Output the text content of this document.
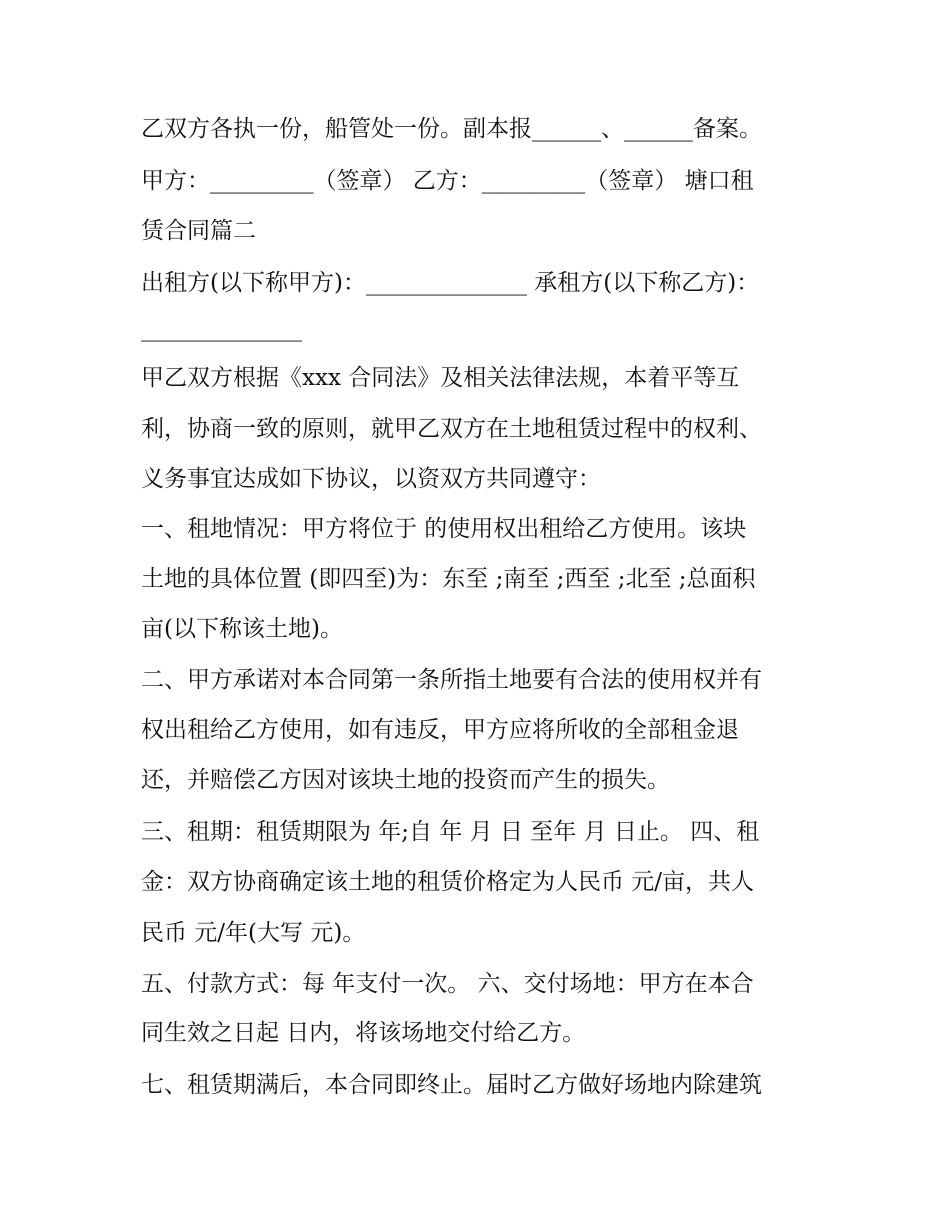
乙双方各执一份，船管处一份。副本报______、______备案。
甲方：_________（签章） 乙方：_________（签章） 塘口租
赁合同篇二
出租方(以下称甲方)：______________ 承租方(以下称乙方)：
______________
甲乙双方根据《xxx 合同法》及相关法律法规，本着平等互
利，协商一致的原则，就甲乙双方在土地租赁过程中的权利、
义务事宜达成如下协议，以资双方共同遵守：
一、租地情况：甲方将位于 的使用权出租给乙方使用。该块
土地的具体位置 (即四至)为：东至 ;南至 ;西至 ;北至 ;总面积
亩(以下称该土地)。
二、甲方承诺对本合同第一条所指土地要有合法的使用权并有
权出租给乙方使用，如有违反，甲方应将所收的全部租金退
还，并赔偿乙方因对该块土地的投资而产生的损失。
三、租期：租赁期限为 年;自 年 月 日 至年 月 日止。 四、租
金：双方协商确定该土地的租赁价格定为人民币 元/亩，共人
民币 元/年(大写 元)。
五、付款方式：每 年支付一次。 六、交付场地：甲方在本合
同生效之日起 日内，将该场地交付给乙方。
七、租赁期满后，本合同即终止。届时乙方做好场地内除建筑
